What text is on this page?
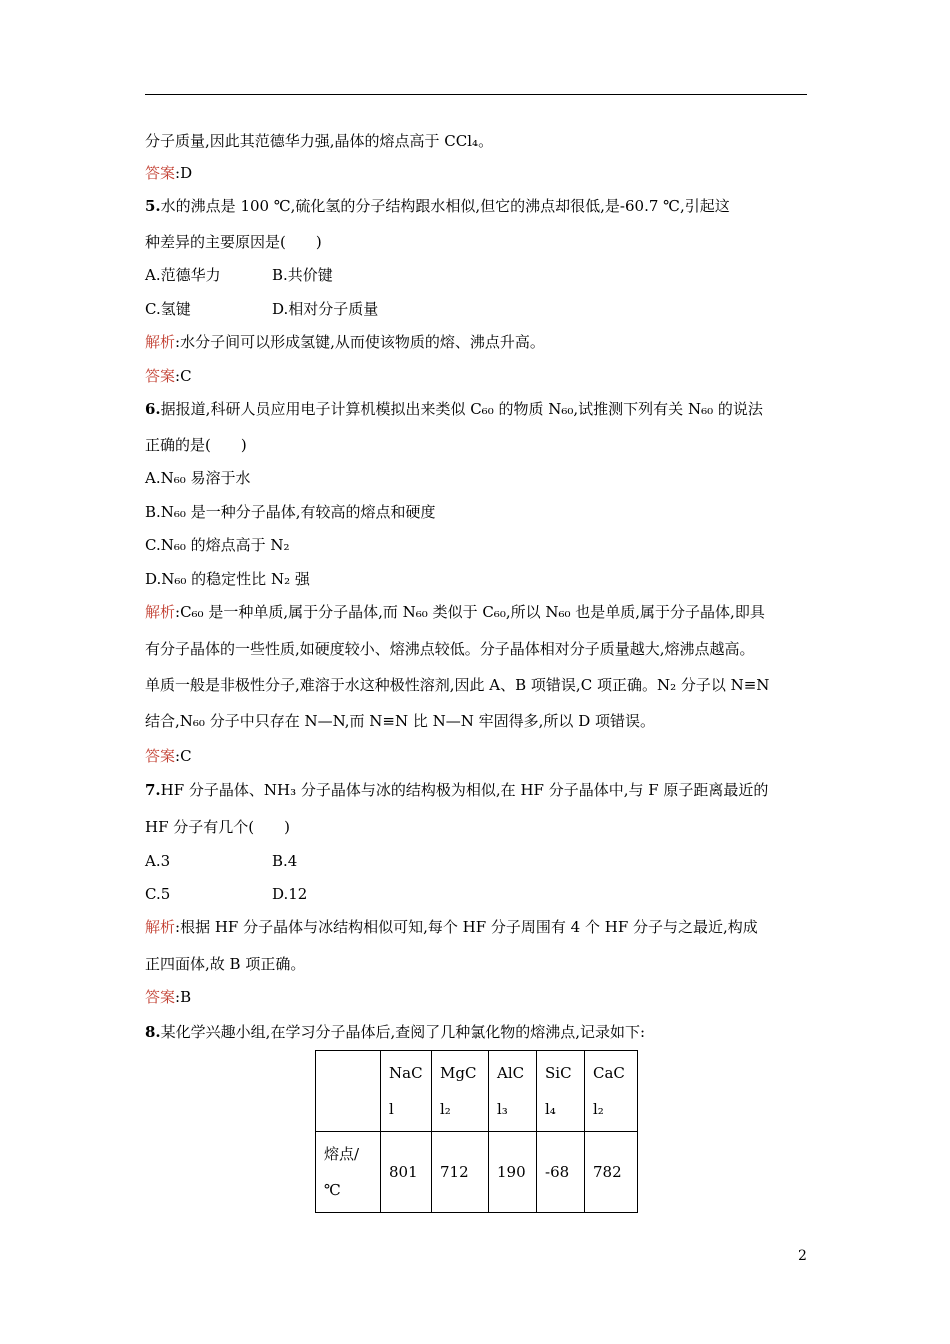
分子质量,因此其范德华力强,晶体的熔点高于 CCl₄。
答案:D
5.水的沸点是 100 ℃,硫化氢的分子结构跟水相似,但它的沸点却很低,是-60.7 ℃,引起这
种差异的主要原因是(　　)
A.范德华力	B.共价键
C.氢键	D.相对分子质量
解析:水分子间可以形成氢键,从而使该物质的熔、沸点升高。
答案:C
6.据报道,科研人员应用电子计算机模拟出来类似 C₆₀ 的物质 N₆₀,试推测下列有关 N₆₀ 的说法
正确的是(　　)
A.N₆₀ 易溶于水
B.N₆₀ 是一种分子晶体,有较高的熔点和硬度
C.N₆₀ 的熔点高于 N₂
D.N₆₀ 的稳定性比 N₂ 强
解析:C₆₀ 是一种单质,属于分子晶体,而 N₆₀ 类似于 C₆₀,所以 N₆₀ 也是单质,属于分子晶体,即具
有分子晶体的一些性质,如硬度较小、熔沸点较低。分子晶体相对分子质量越大,熔沸点越高。
单质一般是非极性分子,难溶于水这种极性溶剂,因此 A、B 项错误,C 项正确。N₂ 分子以 N≡N
结合,N₆₀ 分子中只存在 N—N,而 N≡N 比 N—N 牢固得多,所以 D 项错误。
答案:C
7.HF 分子晶体、NH₃ 分子晶体与冰的结构极为相似,在 HF 分子晶体中,与 F 原子距离最近的
HF 分子有几个(　　)
A.3	B.4
C.5	D.12
解析:根据 HF 分子晶体与冰结构相似可知,每个 HF 分子周围有 4 个 HF 分子与之最近,构成
正四面体,故 B 项正确。
答案:B
8.某化学兴趣小组,在学习分子晶体后,查阅了几种氯化物的熔沸点,记录如下:
	NaCl	MgCl₂	AlCl₃	SiCl₄	CaCl₂
熔点/℃	801	712	190	-68	782
2
